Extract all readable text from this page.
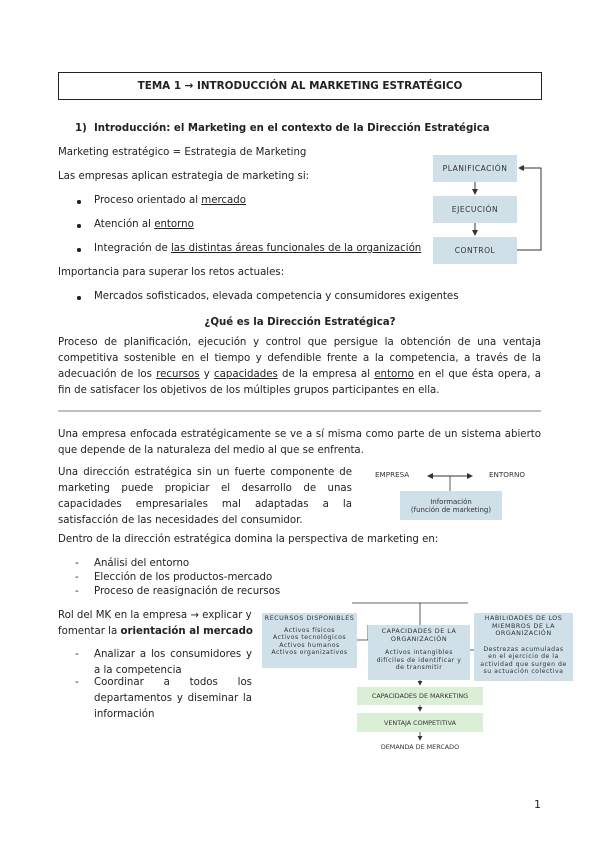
TEMA 1 → INTRODUCCIÓN AL MARKETING ESTRATÉGICO
1) Introducción: el Marketing en el contexto de la Dirección Estratégica
Marketing estratégico = Estrategia de Marketing
Las empresas aplican estrategia de marketing si:
Proceso orientado al mercado
Atención al entorno
Integración de las distintas áreas funcionales de la organización
PLANIFICACIÓN
EJECUCIÓN
CONTROL
Importancia para superar los retos actuales:
Mercados sofisticados, elevada competencia y consumidores exigentes
¿Qué es la Dirección Estratégica?
Proceso de planificación, ejecución y control que persigue la obtención de una ventaja competitiva sostenible en el tiempo y defendible frente a la competencia, a través de la adecuación de los recursos y capacidades de la empresa al entorno en el que ésta opera, a fin de satisfacer los objetivos de los múltiples grupos participantes en ella.
Una empresa enfocada estratégicamente se ve a sí misma como parte de un sistema abierto que depende de la naturaleza del medio al que se enfrenta.
Una dirección estratégica sin un fuerte componente de marketing puede propiciar el desarrollo de unas capacidades empresariales mal adaptadas a la satisfacción de las necesidades del consumidor.
EMPRESA	ENTORNO
Información
(función de marketing)
Dentro de la dirección estratégica domina la perspectiva de marketing en:
- Análisi del entorno
- Elección de los productos-mercado
- Proceso de reasignación de recursos
Rol del MK en la empresa → explicar y
fomentar la orientación al mercado
- Analizar a los consumidores y a la competencia
- Coordinar a todos los departamentos y diseminar la información
RECURSOS DISPONIBLES
Activos físicos
Activos tecnológicos
Activos humanos
Activos organizativos
CAPACIDADES DE LA ORGANIZACIÓN
Activos intangibles difíciles de identificar y de transmitir
HABILIDADES DE LOS MIEMBROS DE LA ORGANIZACIÓN
Destrezas acumuladas en el ejercicio de la actividad que surgen de su actuación colectiva
CAPACIDADES DE MARKETING
VENTAJA COMPETITIVA
DEMANDA DE MERCADO
1
